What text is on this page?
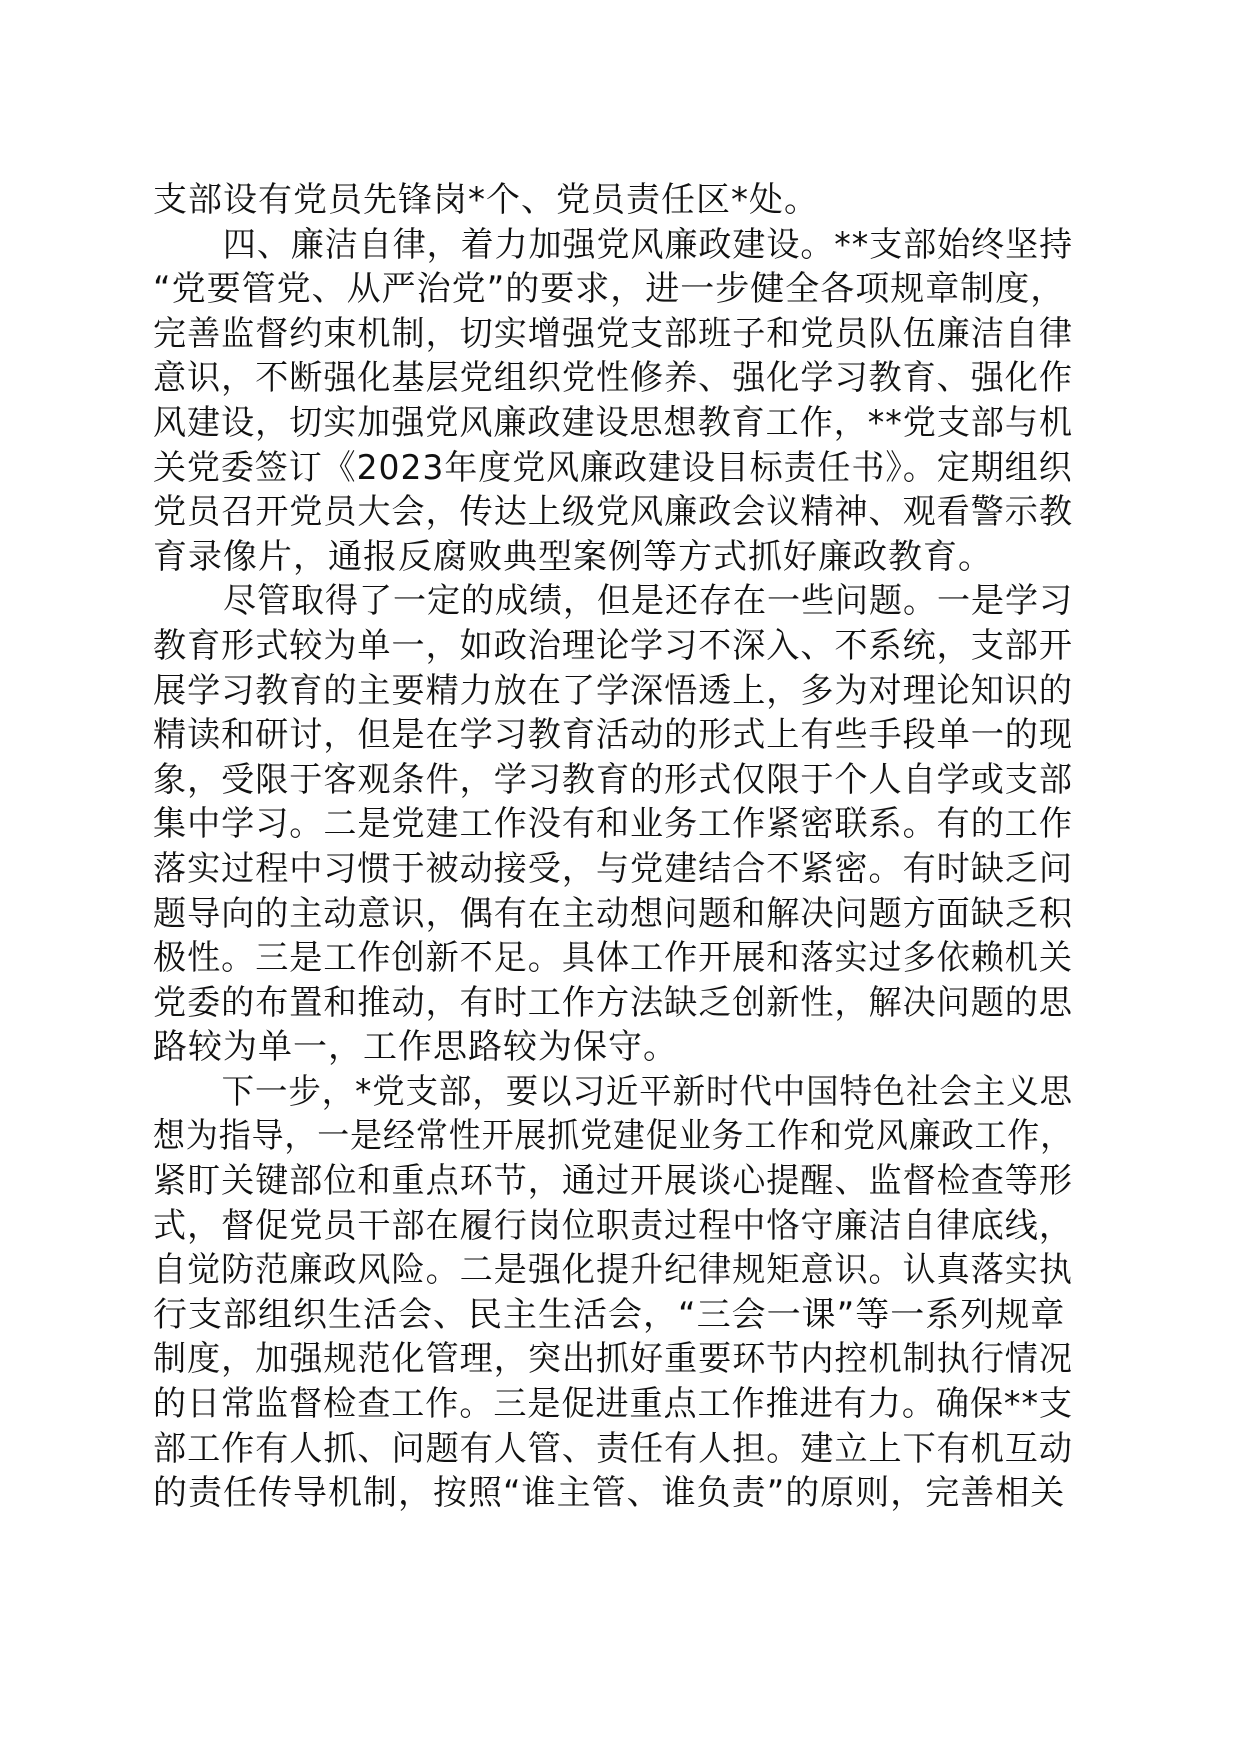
支部设有党员先锋岗*个、党员责任区*处。
四、廉洁自律，着力加强党风廉政建设。**支部始终坚持
“党要管党、从严治党”的要求，进一步健全各项规章制度，
完善监督约束机制，切实增强党支部班子和党员队伍廉洁自律
意识，不断强化基层党组织党性修养、强化学习教育、强化作
风建设，切实加强党风廉政建设思想教育工作，**党支部与机
关党委签订《2023年度党风廉政建设目标责任书》。定期组织
党员召开党员大会，传达上级党风廉政会议精神、观看警示教
育录像片，通报反腐败典型案例等方式抓好廉政教育。
尽管取得了一定的成绩，但是还存在一些问题。一是学习
教育形式较为单一，如政治理论学习不深入、不系统，支部开
展学习教育的主要精力放在了学深悟透上，多为对理论知识的
精读和研讨，但是在学习教育活动的形式上有些手段单一的现
象，受限于客观条件，学习教育的形式仅限于个人自学或支部
集中学习。二是党建工作没有和业务工作紧密联系。有的工作
落实过程中习惯于被动接受，与党建结合不紧密。有时缺乏问
题导向的主动意识，偶有在主动想问题和解决问题方面缺乏积
极性。三是工作创新不足。具体工作开展和落实过多依赖机关
党委的布置和推动，有时工作方法缺乏创新性，解决问题的思
路较为单一，工作思路较为保守。
下一步，*党支部，要以习近平新时代中国特色社会主义思
想为指导，一是经常性开展抓党建促业务工作和党风廉政工作，
紧盯关键部位和重点环节，通过开展谈心提醒、监督检查等形
式，督促党员干部在履行岗位职责过程中恪守廉洁自律底线，
自觉防范廉政风险。二是强化提升纪律规矩意识。认真落实执
行支部组织生活会、民主生活会，“三会一课”等一系列规章
制度，加强规范化管理，突出抓好重要环节内控机制执行情况
的日常监督检查工作。三是促进重点工作推进有力。确保**支
部工作有人抓、问题有人管、责任有人担。建立上下有机互动
的责任传导机制，按照“谁主管、谁负责”的原则，完善相关
